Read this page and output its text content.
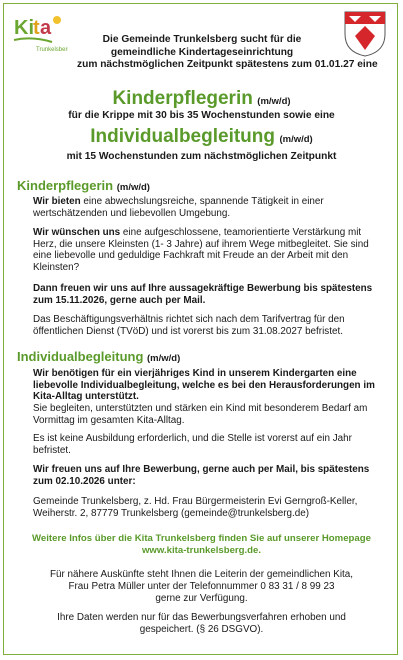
Ki t a
Trunkelsberg
Die Gemeinde Trunkelsberg sucht für die
gemeindliche Kindertageseinrichtung
zum nächstmöglichen Zeitpunkt spätestens zum 01.01.27 eine
Kinderpflegerin (m/w/d)
für die Krippe mit 30 bis 35 Wochenstunden sowie eine
Individualbegleitung (m/w/d)
mit 15 Wochenstunden zum nächstmöglichen Zeitpunkt
Kinderpflegerin (m/w/d)
Wir bieten eine abwechslungsreiche, spannende Tätigkeit in einer wertschätzenden und liebevollen Umgebung.
Wir wünschen uns eine aufgeschlossene, teamorientierte Verstärkung mit Herz, die unsere Kleinsten (1- 3 Jahre) auf ihrem Wege mitbegleitet. Sie sind eine liebevolle und geduldige Fachkraft mit Freude an der Arbeit mit den Kleinsten?
Dann freuen wir uns auf Ihre aussagekräftige Bewerbung bis spätestens zum 15.11.2026, gerne auch per Mail.
Das Beschäftigungsverhältnis richtet sich nach dem Tarifvertrag für den öffentlichen Dienst (TVöD) und ist vorerst bis zum 31.08.2027 befristet.
Individualbegleitung (m/w/d)
Wir benötigen für ein vierjähriges Kind in unserem Kindergarten eine liebevolle Individualbegleitung, welche es bei den Herausforderungen im Kita-Alltag unterstützt.
Sie begleiten, unterstützten und stärken ein Kind mit besonderem Bedarf am Vormittag im gesamten Kita-Alltag.
Es ist keine Ausbildung erforderlich, und die Stelle ist vorerst auf ein Jahr befristet.
Wir freuen uns auf Ihre Bewerbung, gerne auch per Mail, bis spätestens zum 02.10.2026 unter:
Gemeinde Trunkelsberg, z. Hd. Frau Bürgermeisterin Evi Gerngroß-Keller, Weiherstr. 2, 87779 Trunkelsberg (gemeinde@trunkelsberg.de)
Weitere Infos über die Kita Trunkelsberg finden Sie auf unserer Homepage
www.kita-trunkelsberg.de.
Für nähere Auskünfte steht Ihnen die Leiterin der gemeindlichen Kita,
Frau Petra Müller unter der Telefonnummer 0 83 31 / 8 99 23
gerne zur Verfügung.
Ihre Daten werden nur für das Bewerbungsverfahren erhoben und
gespeichert. (§ 26 DSGVO).
